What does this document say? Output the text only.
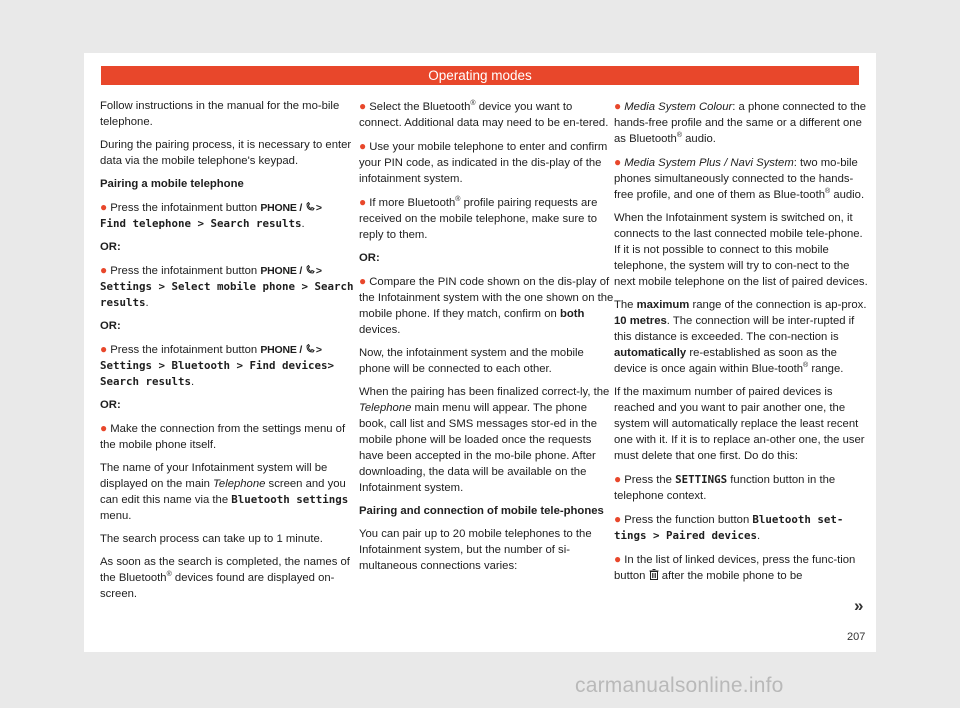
Operating modes

Follow instructions in the manual for the mo-bile telephone.

During the pairing process, it is necessary to enter data via the mobile telephone's keypad.

Pairing a mobile telephone

● Press the infotainment button PHONE / >
Find telephone > Search results.

OR:

● Press the infotainment button PHONE / >
Settings > Select mobile phone > Search results.

OR:

● Press the infotainment button PHONE / >
Settings > Bluetooth > Find devices> Search results.

OR:

● Make the connection from the settings menu of the mobile phone itself.

The name of your Infotainment system will be displayed on the main Telephone screen and you can edit this name via the Bluetooth settings menu.

The search process can take up to 1 minute.

As soon as the search is completed, the names of the Bluetooth® devices found are displayed on-screen.

● Select the Bluetooth® device you want to connect. Additional data may need to be en-tered.

● Use your mobile telephone to enter and confirm your PIN code, as indicated in the dis-play of the infotainment system.

● If more Bluetooth® profile pairing requests are received on the mobile telephone, make sure to reply to them.

OR:

● Compare the PIN code shown on the dis-play of the Infotainment system with the one shown on the mobile phone. If they match, confirm on both devices.

Now, the infotainment system and the mobile phone will be connected to each other.

When the pairing has been finalized correct-ly, the Telephone main menu will appear. The phone book, call list and SMS messages stor-ed in the mobile phone will be loaded once the requests have been accepted in the mo-bile phone. After downloading, the data will be available on the Infotainment system.

Pairing and connection of mobile tele-phones

You can pair up to 20 mobile telephones to the Infotainment system, but the number of si-multaneous connections varies:

● Media System Colour: a phone connected to the hands-free profile and the same or a different one as Bluetooth® audio.

● Media System Plus / Navi System: two mo-bile phones simultaneously connected to the hands-free profile, and one of them as Blue-tooth® audio.

When the Infotainment system is switched on, it connects to the last connected mobile tele-phone. If it is not possible to connect to this mobile telephone, the system will try to con-nect to the next mobile telephone on the list of paired devices.

The maximum range of the connection is ap-prox. 10 metres. The connection will be inter-rupted if this distance is exceeded. The con-nection is automatically re-established as soon as the device is once again within Blue-tooth® range.

If the maximum number of paired devices is reached and you want to pair another one, the system will automatically replace the least recent one with it. If it is to replace an-other one, the user must delete that one first. Do do this:

● Press the SETTINGS function button in the telephone context.

● Press the function button Bluetooth set-tings > Paired devices.

● In the list of linked devices, press the func-tion button after the mobile phone to be

»
207
carmanualsonline.info
